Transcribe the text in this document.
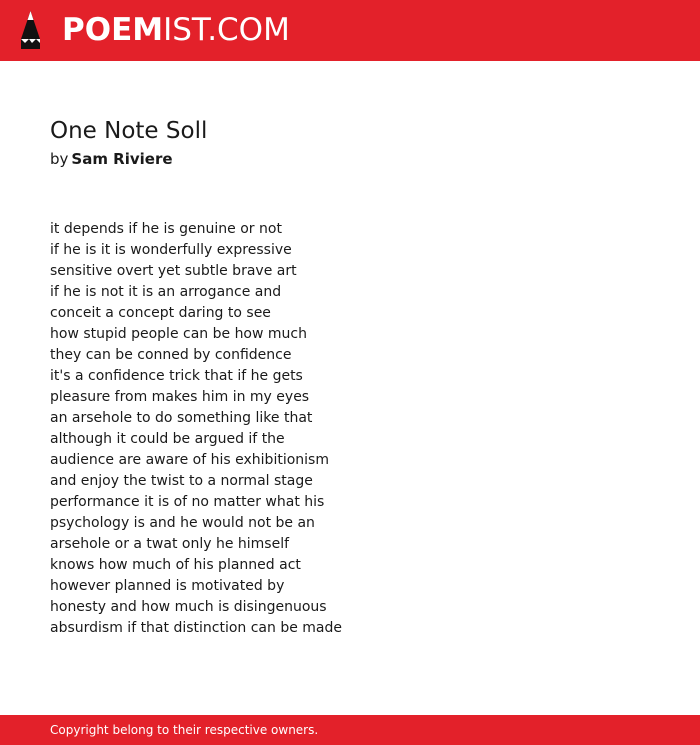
POEMIST.COM
One Note Soll
by Sam Riviere
it depends if he is genuine or not
if he is it is wonderfully expressive
sensitive overt yet subtle brave art
if he is not it is an arrogance and
conceit a concept daring to see
how stupid people can be how much
they can be conned by confidence
it's a confidence trick that if he gets
pleasure from makes him in my eyes
an arsehole to do something like that
although it could be argued if the
audience are aware of his exhibitionism
and enjoy the twist to a normal stage
performance it is of no matter what his
psychology is and he would not be an
arsehole or a twat only he himself
knows how much of his planned act
however planned is motivated by
honesty and how much is disingenuous
absurdism if that distinction can be made
Copyright belong to their respective owners.
